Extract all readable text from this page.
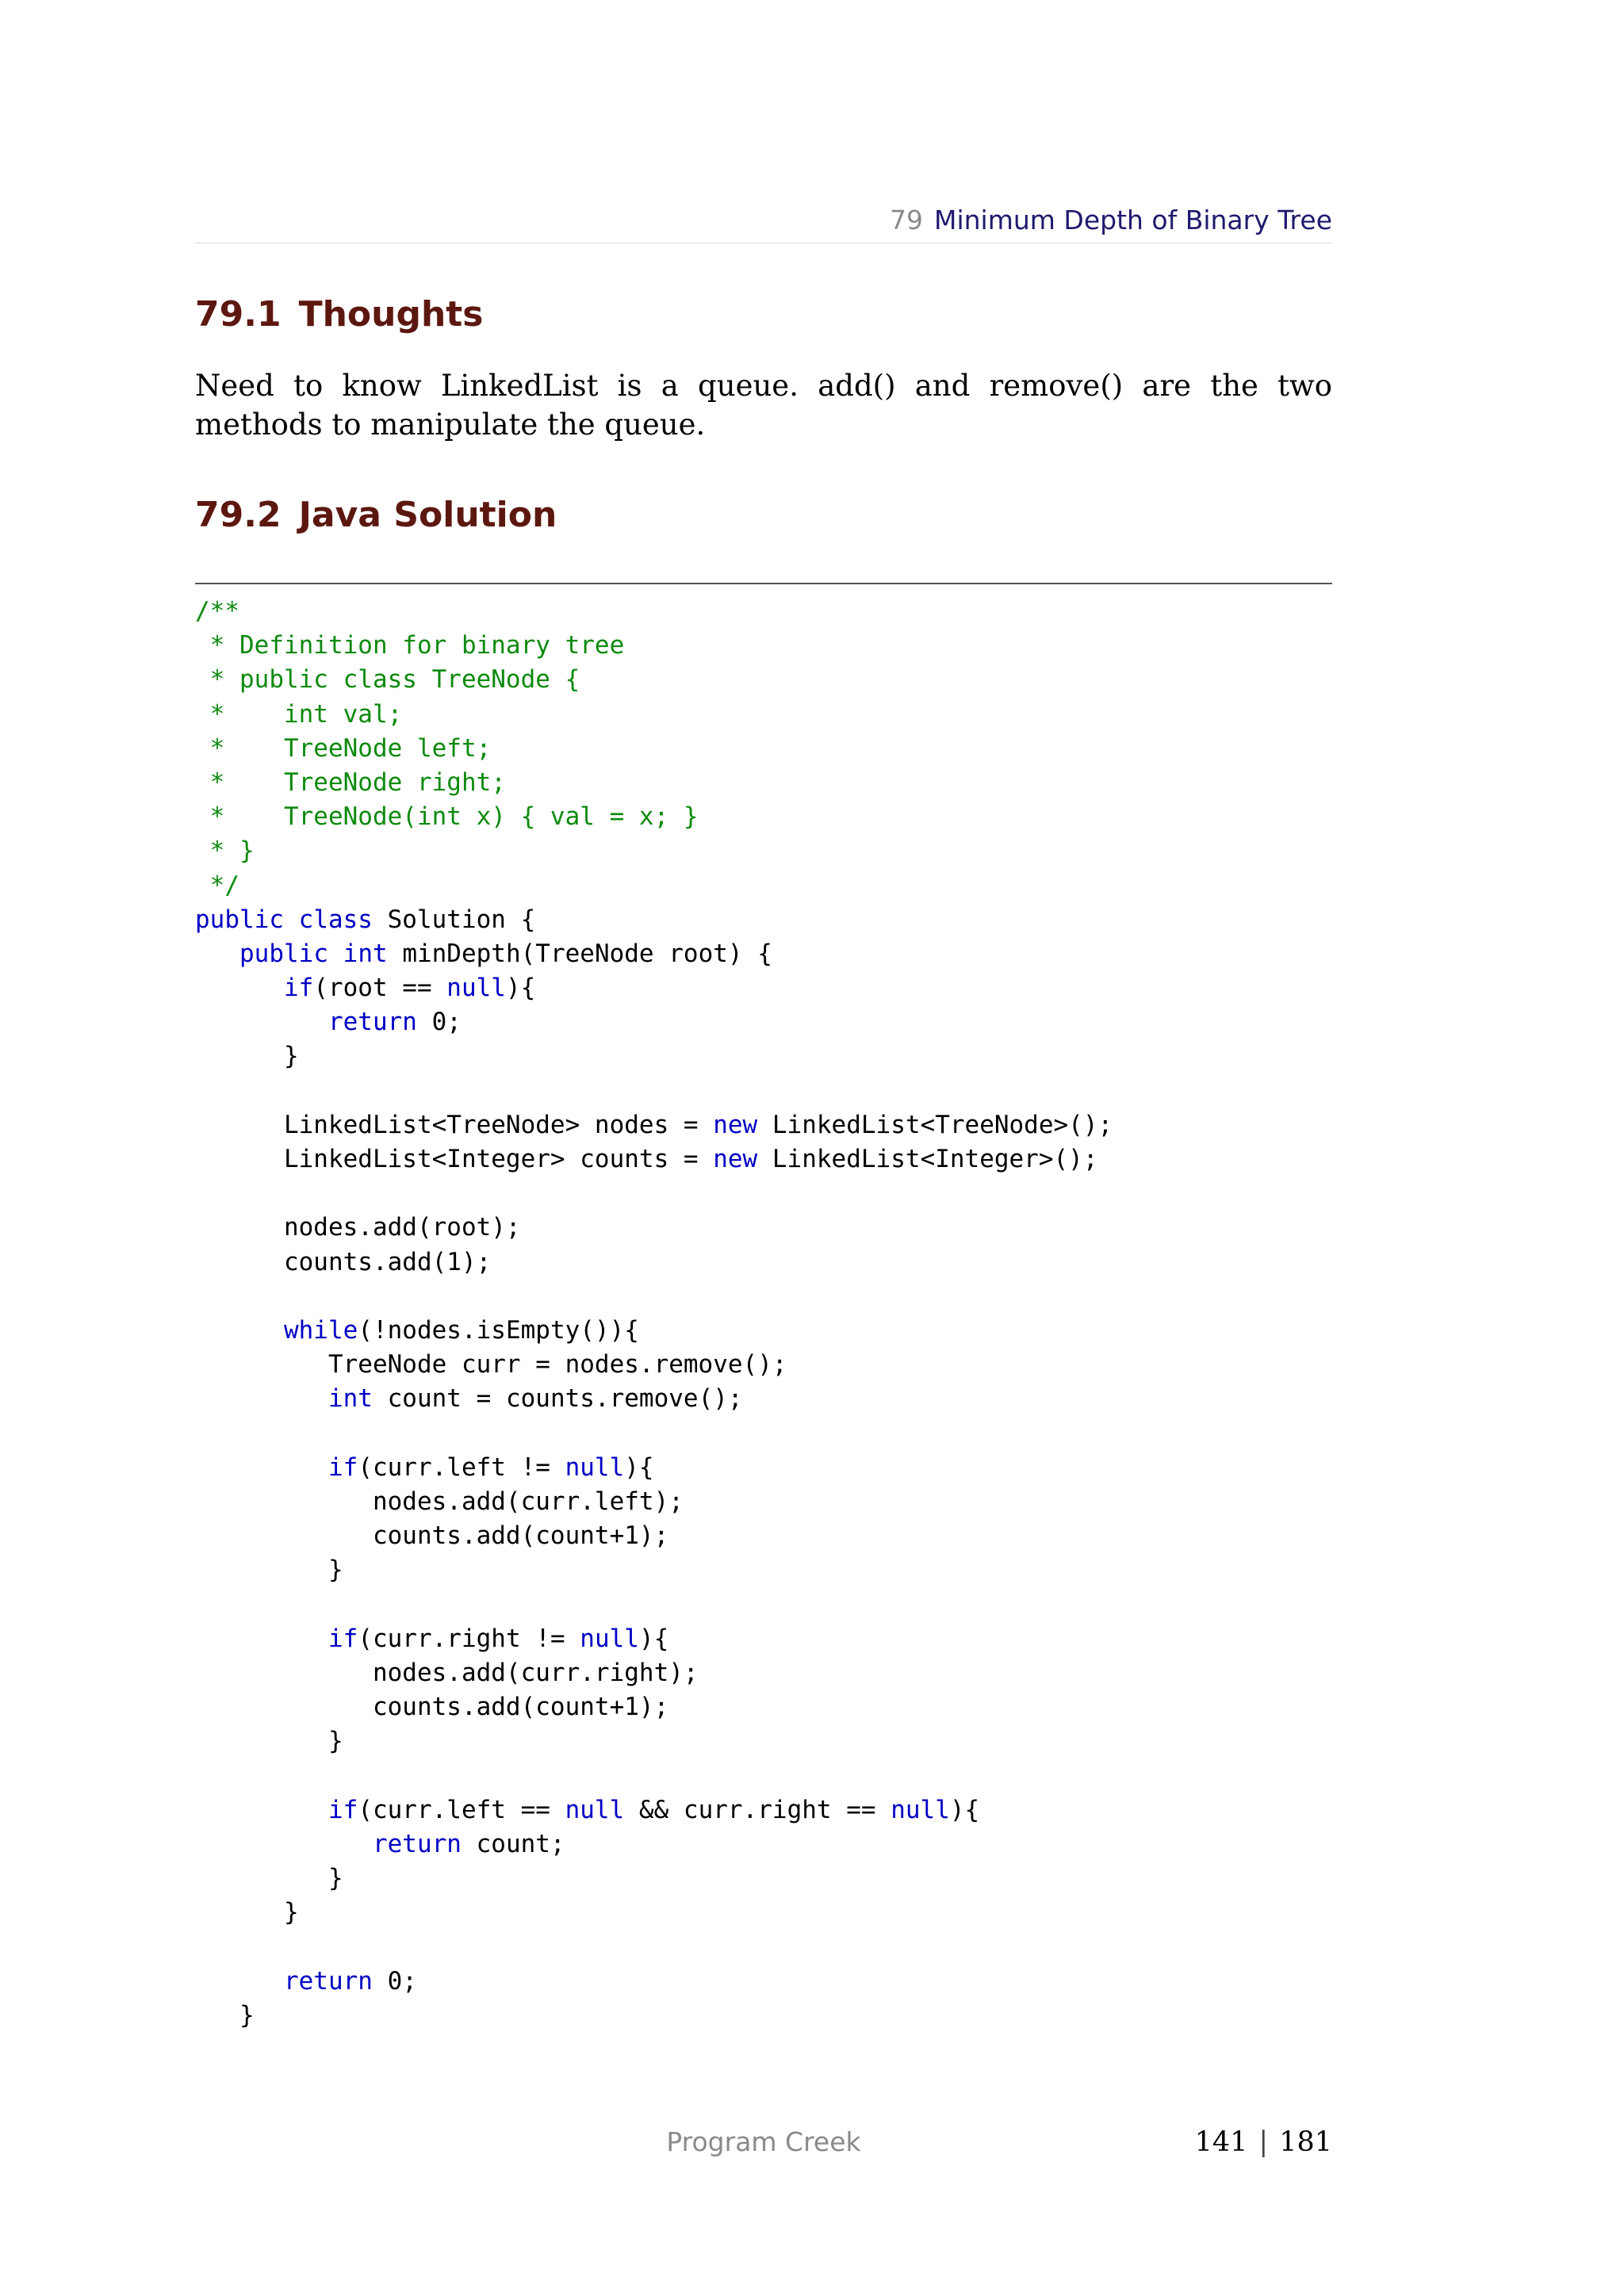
79 Minimum Depth of Binary Tree
79.1 Thoughts

Need to know LinkedList is a queue. add() and remove() are the two methods to manipulate the queue.

79.2 Java Solution
/**
* Definition for binary tree
* public class TreeNode {
*    int val;
*    TreeNode left;
*    TreeNode right;
*    TreeNode(int x) { val = x; }
* }
*/
public class Solution {
public int minDepth(TreeNode root) {
if(root == null){
return 0;
}
LinkedList<TreeNode> nodes = new LinkedList<TreeNode>();
LinkedList<Integer> counts = new LinkedList<Integer>();
nodes.add(root);
counts.add(1);
while(!nodes.isEmpty()){
TreeNode curr = nodes.remove();
int count = counts.remove();
if(curr.left != null){
nodes.add(curr.left);
counts.add(count+1);
}
if(curr.right != null){
nodes.add(curr.right);
counts.add(count+1);
}
if(curr.left == null && curr.right == null){
return count;
}
}
return 0;
}
Program Creek	141 | 181
